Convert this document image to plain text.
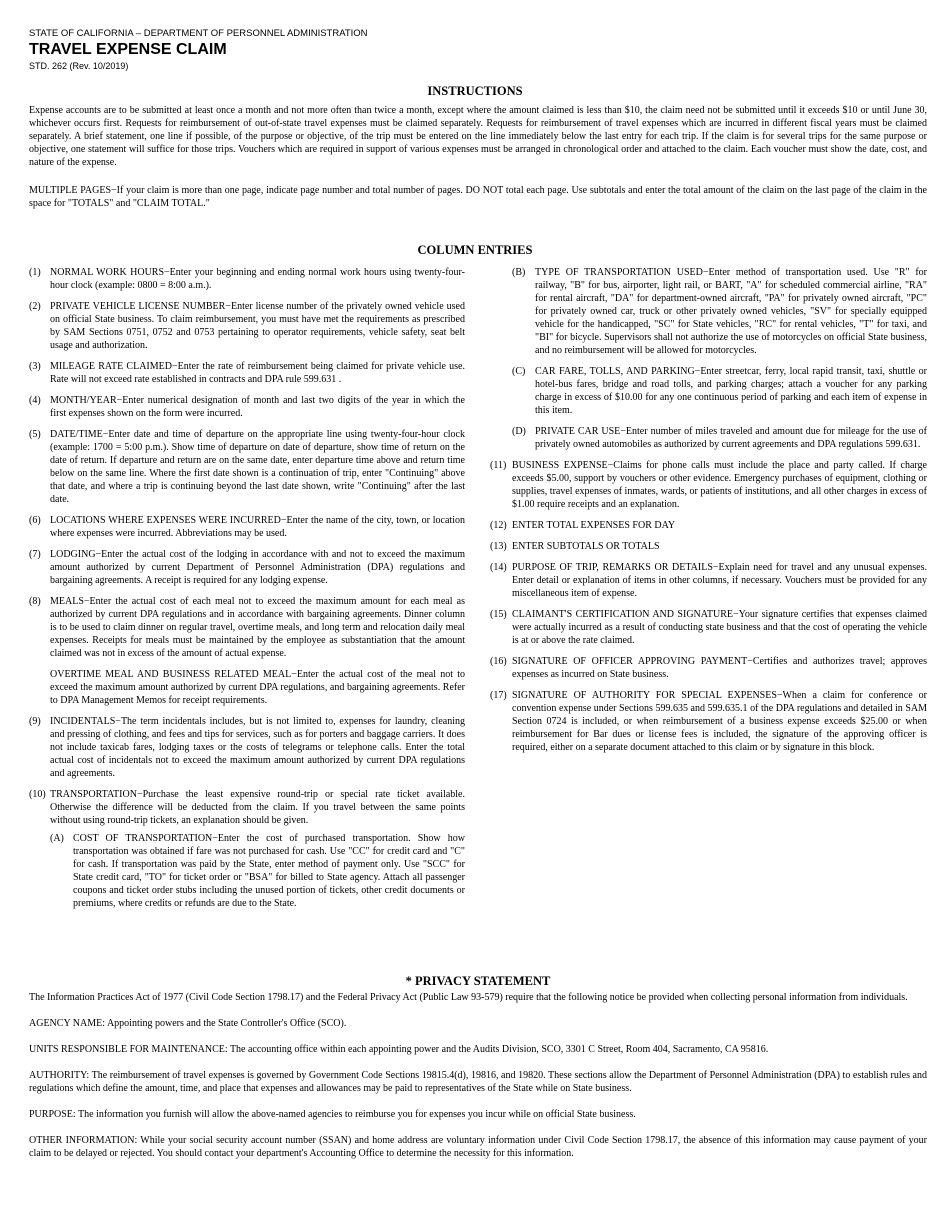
STATE OF CALIFORNIA – DEPARTMENT OF PERSONNEL ADMINISTRATION
TRAVEL EXPENSE CLAIM
STD. 262 (Rev. 10/2019)
INSTRUCTIONS
Expense accounts are to be submitted at least once a month and not more often than twice a month, except where the amount claimed is less than $10, the claim need not be submitted until it exceeds $10 or until June 30, whichever occurs first. Requests for reimbursement of out-of-state travel expenses must be claimed separately. Requests for reimbursement of travel expenses which are incurred in different fiscal years must be claimed separately. A brief statement, one line if possible, of the purpose or objective, of the trip must be entered on the line immediately below the last entry for each trip. If the claim is for several trips for the same purpose or objective, one statement will suffice for those trips. Vouchers which are required in support of various expenses must be arranged in chronological order and attached to the claim. Each voucher must show the date, cost, and nature of the expense.
MULTIPLE PAGES−If your claim is more than one page, indicate page number and total number of pages. DO NOT total each page. Use subtotals and enter the total amount of the claim on the last page of the claim in the space for "TOTALS" and "CLAIM TOTAL."
COLUMN ENTRIES
(1) NORMAL WORK HOURS−Enter your beginning and ending normal work hours using twenty-four-hour clock (example: 0800 = 8:00 a.m.).
(2) PRIVATE VEHICLE LICENSE NUMBER−Enter license number of the privately owned vehicle used on official State business. To claim reimbursement, you must have met the requirements as prescribed by SAM Sections 0751, 0752 and 0753 pertaining to operator requirements, vehicle safety, seat belt usage and authorization.
(3) MILEAGE RATE CLAIMED−Enter the rate of reimbursement being claimed for private vehicle use. Rate will not exceed rate established in contracts and DPA rule 599.631 .
(4) MONTH/YEAR−Enter numerical designation of month and last two digits of the year in which the first expenses shown on the form were incurred.
(5) DATE/TIME−Enter date and time of departure on the appropriate line using twenty-four-hour clock (example: 1700 = 5:00 p.m.). Show time of departure on date of departure, show time of return on the date of return. If departure and return are on the same date, enter departure time above and return time below on the same line. Where the first date shown is a continuation of trip, enter "Continuing" above that date, and where a trip is continuing beyond the last date shown, write "Continuing" after the last date.
(6) LOCATIONS WHERE EXPENSES WERE INCURRED−Enter the name of the city, town, or location where expenses were incurred. Abbreviations may be used.
(7) LODGING−Enter the actual cost of the lodging in accordance with and not to exceed the maximum amount authorized by current Department of Personnel Administration (DPA) regulations and bargaining agreements. A receipt is required for any lodging expense.
(8) MEALS−Enter the actual cost of each meal not to exceed the maximum amount for each meal as authorized by current DPA regulations and in accordance with bargaining agreements. Dinner column is to be used to claim dinner on regular travel, overtime meals, and long term and relocation daily meal expenses. Receipts for meals must be maintained by the employee as substantiation that the amount claimed was not in excess of the amount of actual expense.
OVERTIME MEAL AND BUSINESS RELATED MEAL−Enter the actual cost of the meal not to exceed the maximum amount authorized by current DPA regulations, and bargaining agreements. Refer to DPA Management Memos for receipt requirements.
(9) INCIDENTALS−The term incidentals includes, but is not limited to, expenses for laundry, cleaning and pressing of clothing, and fees and tips for services, such as for porters and baggage carriers. It does not include taxicab fares, lodging taxes or the costs of telegrams or telephone calls. Enter the total actual cost of incidentals not to exceed the maximum amount authorized by current DPA regulations and agreements.
(10) TRANSPORTATION−Purchase the least expensive round-trip or special rate ticket available. Otherwise the difference will be deducted from the claim. If you travel between the same points without using round-trip tickets, an explanation should be given.
(A) COST OF TRANSPORTATION−Enter the cost of purchased transportation. Show how transportation was obtained if fare was not purchased for cash. Use "CC" for credit card and "C" for cash. If transportation was paid by the State, enter method of payment only. Use "SCC" for State credit card, "TO" for ticket order or "BSA" for billed to State agency. Attach all passenger coupons and ticket order stubs including the unused portion of tickets, other credit documents or premiums, where credits or refunds are due to the State.
(B) TYPE OF TRANSPORTATION USED−Enter method of transportation used. Use "R" for railway, "B" for bus, airporter, light rail, or BART, "A" for scheduled commercial airline, "RA" for rental aircraft, "DA" for department-owned aircraft, "PA" for privately owned aircraft, "PC" for privately owned car, truck or other privately owned vehicles, "SV" for specially equipped vehicle for the handicapped, "SC" for State vehicles, "RC" for rental vehicles, "T" for taxi, and "BI" for bicycle. Supervisors shall not authorize the use of motorcycles on official State business, and no reimbursement will be allowed for motorcycles.
(C) CAR FARE, TOLLS, AND PARKING−Enter streetcar, ferry, local rapid transit, taxi, shuttle or hotel-bus fares, bridge and road tolls, and parking charges; attach a voucher for any parking charge in excess of $10.00 for any one continuous period of parking and each item of expense in this item.
(D) PRIVATE CAR USE−Enter number of miles traveled and amount due for mileage for the use of privately owned automobiles as authorized by current agreements and DPA regulations 599.631.
(11) BUSINESS EXPENSE−Claims for phone calls must include the place and party called. If charge exceeds $5.00, support by vouchers or other evidence. Emergency purchases of equipment, clothing or supplies, travel expenses of inmates, wards, or patients of institutions, and all other charges in excess of $1.00 require receipts and an explanation.
(12) ENTER TOTAL EXPENSES FOR DAY
(13) ENTER SUBTOTALS OR TOTALS
(14) PURPOSE OF TRIP, REMARKS OR DETAILS−Explain need for travel and any unusual expenses. Enter detail or explanation of items in other columns, if necessary. Vouchers must be provided for any miscellaneous item of expense.
(15) CLAIMANT'S CERTIFICATION AND SIGNATURE−Your signature certifies that expenses claimed were actually incurred as a result of conducting state business and that the cost of operating the vehicle is at or above the rate claimed.
(16) SIGNATURE OF OFFICER APPROVING PAYMENT−Certifies and authorizes travel; approves expenses as incurred on State business.
(17) SIGNATURE OF AUTHORITY FOR SPECIAL EXPENSES−When a claim for conference or convention expense under Sections 599.635 and 599.635.1 of the DPA regulations and detailed in SAM Section 0724 is included, or when reimbursement of a business expense exceeds $25.00 or when reimbursement for Bar dues or license fees is included, the signature of the approving officer is required, either on a separate document attached to this claim or by signature in this block.
* PRIVACY STATEMENT

The Information Practices Act of 1977 (Civil Code Section 1798.17) and the Federal Privacy Act (Public Law 93-579) require that the following notice be provided when collecting personal information from individuals.

AGENCY NAME: Appointing powers and the State Controller's Office (SCO).

UNITS RESPONSIBLE FOR MAINTENANCE: The accounting office within each appointing power and the Audits Division, SCO, 3301 C Street, Room 404, Sacramento, CA 95816.

AUTHORITY: The reimbursement of travel expenses is governed by Government Code Sections 19815.4(d), 19816, and 19820. These sections allow the Department of Personnel Administration (DPA) to establish rules and regulations which define the amount, time, and place that expenses and allowances may be paid to representatives of the State while on State business.

PURPOSE: The information you furnish will allow the above-named agencies to reimburse you for expenses you incur while on official State business.

OTHER INFORMATION: While your social security account number (SSAN) and home address are voluntary information under Civil Code Section 1798.17, the absence of this information may cause payment of your claim to be delayed or rejected. You should contact your department's Accounting Office to determine the necessity for this information.
